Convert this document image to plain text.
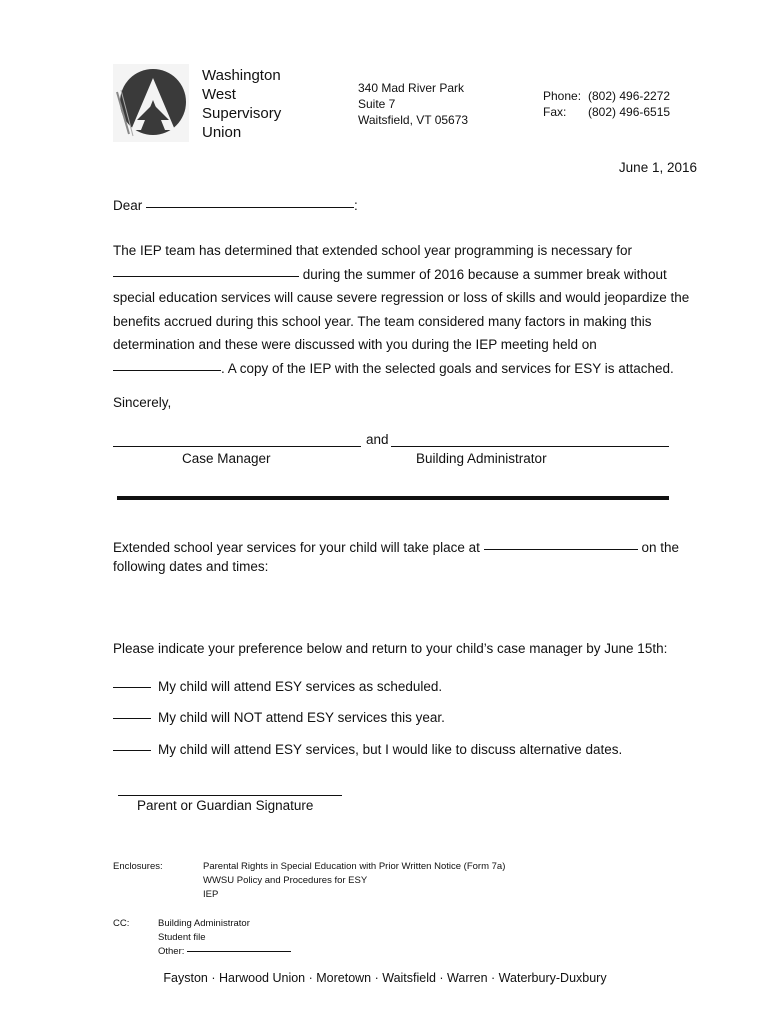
Washington
West
Supervisory
Union
340 Mad River Park
Suite 7
Waitsfield, VT 05673
Phone: (802) 496-2272
Fax: (802) 496-6515
June 1, 2016
Dear	:
The IEP team has determined that extended school year programming is necessary for
during the summer of 2016 because a summer break without special education services will cause severe regression or loss of skills and would jeopardize the benefits accrued during this school year. The team considered many factors in making this determination and these were discussed with you during the IEP meeting held on
. A copy of the IEP with the selected goals and services for ESY is attached.
Sincerely,
and
Case Manager	Building Administrator
Extended school year services for your child will take place at	on the following dates and times:
Please indicate your preference below and return to your child’s case manager by June 15th:
My child will attend ESY services as scheduled.
My child will NOT attend ESY services this year.
My child will attend ESY services, but I would like to discuss alternative dates.
Parent or Guardian Signature
Enclosures:	Parental Rights in Special Education with Prior Written Notice (Form 7a)
WWSU Policy and Procedures for ESY
IEP
CC:	Building Administrator
Student file
Other:
Fayston · Harwood Union · Moretown · Waitsfield · Warren · Waterbury-Duxbury
